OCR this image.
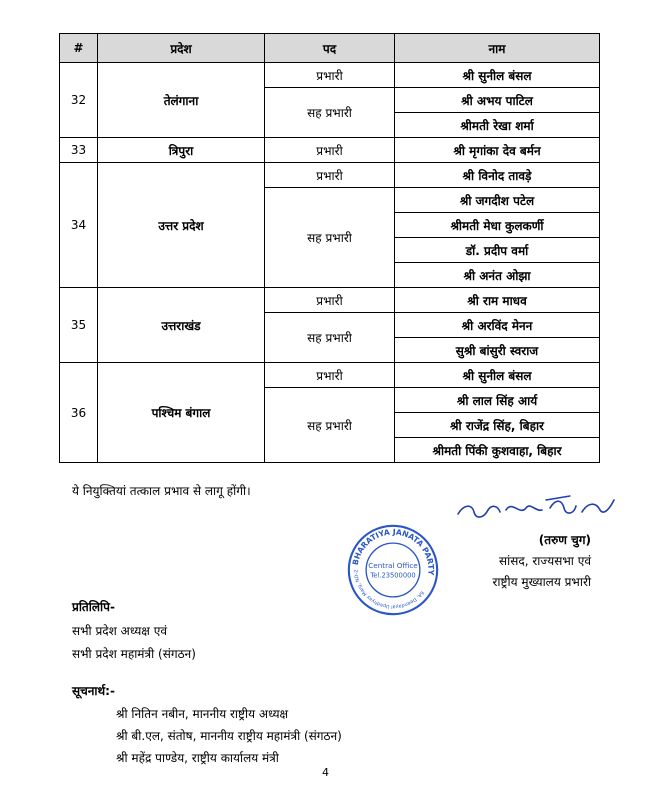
#	प्रदेश	पद	नाम
32	तेलंगाना	प्रभारी	श्री सुनील बंसल
		सह प्रभारी	श्री अभय पाटिल
			श्रीमती रेखा शर्मा
33	त्रिपुरा	प्रभारी	श्री मृगांका देव बर्मन
34	उत्तर प्रदेश	प्रभारी	श्री विनोद तावड़े
		सह प्रभारी	श्री जगदीश पटेल
			श्रीमती मेधा कुलकर्णी
			डॉ. प्रदीप वर्मा
			श्री अनंत ओझा
35	उत्तराखंड	प्रभारी	श्री राम माधव
		सह प्रभारी	श्री अरविंद मेनन
			सुश्री बांसुरी स्वराज
36	पश्चिम बंगाल	प्रभारी	श्री सुनील बंसल
		सह प्रभारी	श्री लाल सिंह आर्य
			श्री राजेंद्र सिंह, बिहार
			श्रीमती पिंकी कुशवाहा, बिहार
ये नियुक्तियां तत्काल प्रभाव से लागू होंगी।
BHARATIYA JANATA PARTY
6A, Deendayal Upadhyay Marg, ND-2
Central Office
Tel.23500000
(तरुण चुग)
सांसद, राज्यसभा एवं
राष्ट्रीय मुख्यालय प्रभारी
प्रतिलिपि-
सभी प्रदेश अध्यक्ष एवं
सभी प्रदेश महामंत्री (संगठन)
सूचनार्थ:-
श्री नितिन नबीन, माननीय राष्ट्रीय अध्यक्ष
श्री बी.एल, संतोष, माननीय राष्ट्रीय महामंत्री (संगठन)
श्री महेंद्र पाण्डेय, राष्ट्रीय कार्यालय मंत्री
4
